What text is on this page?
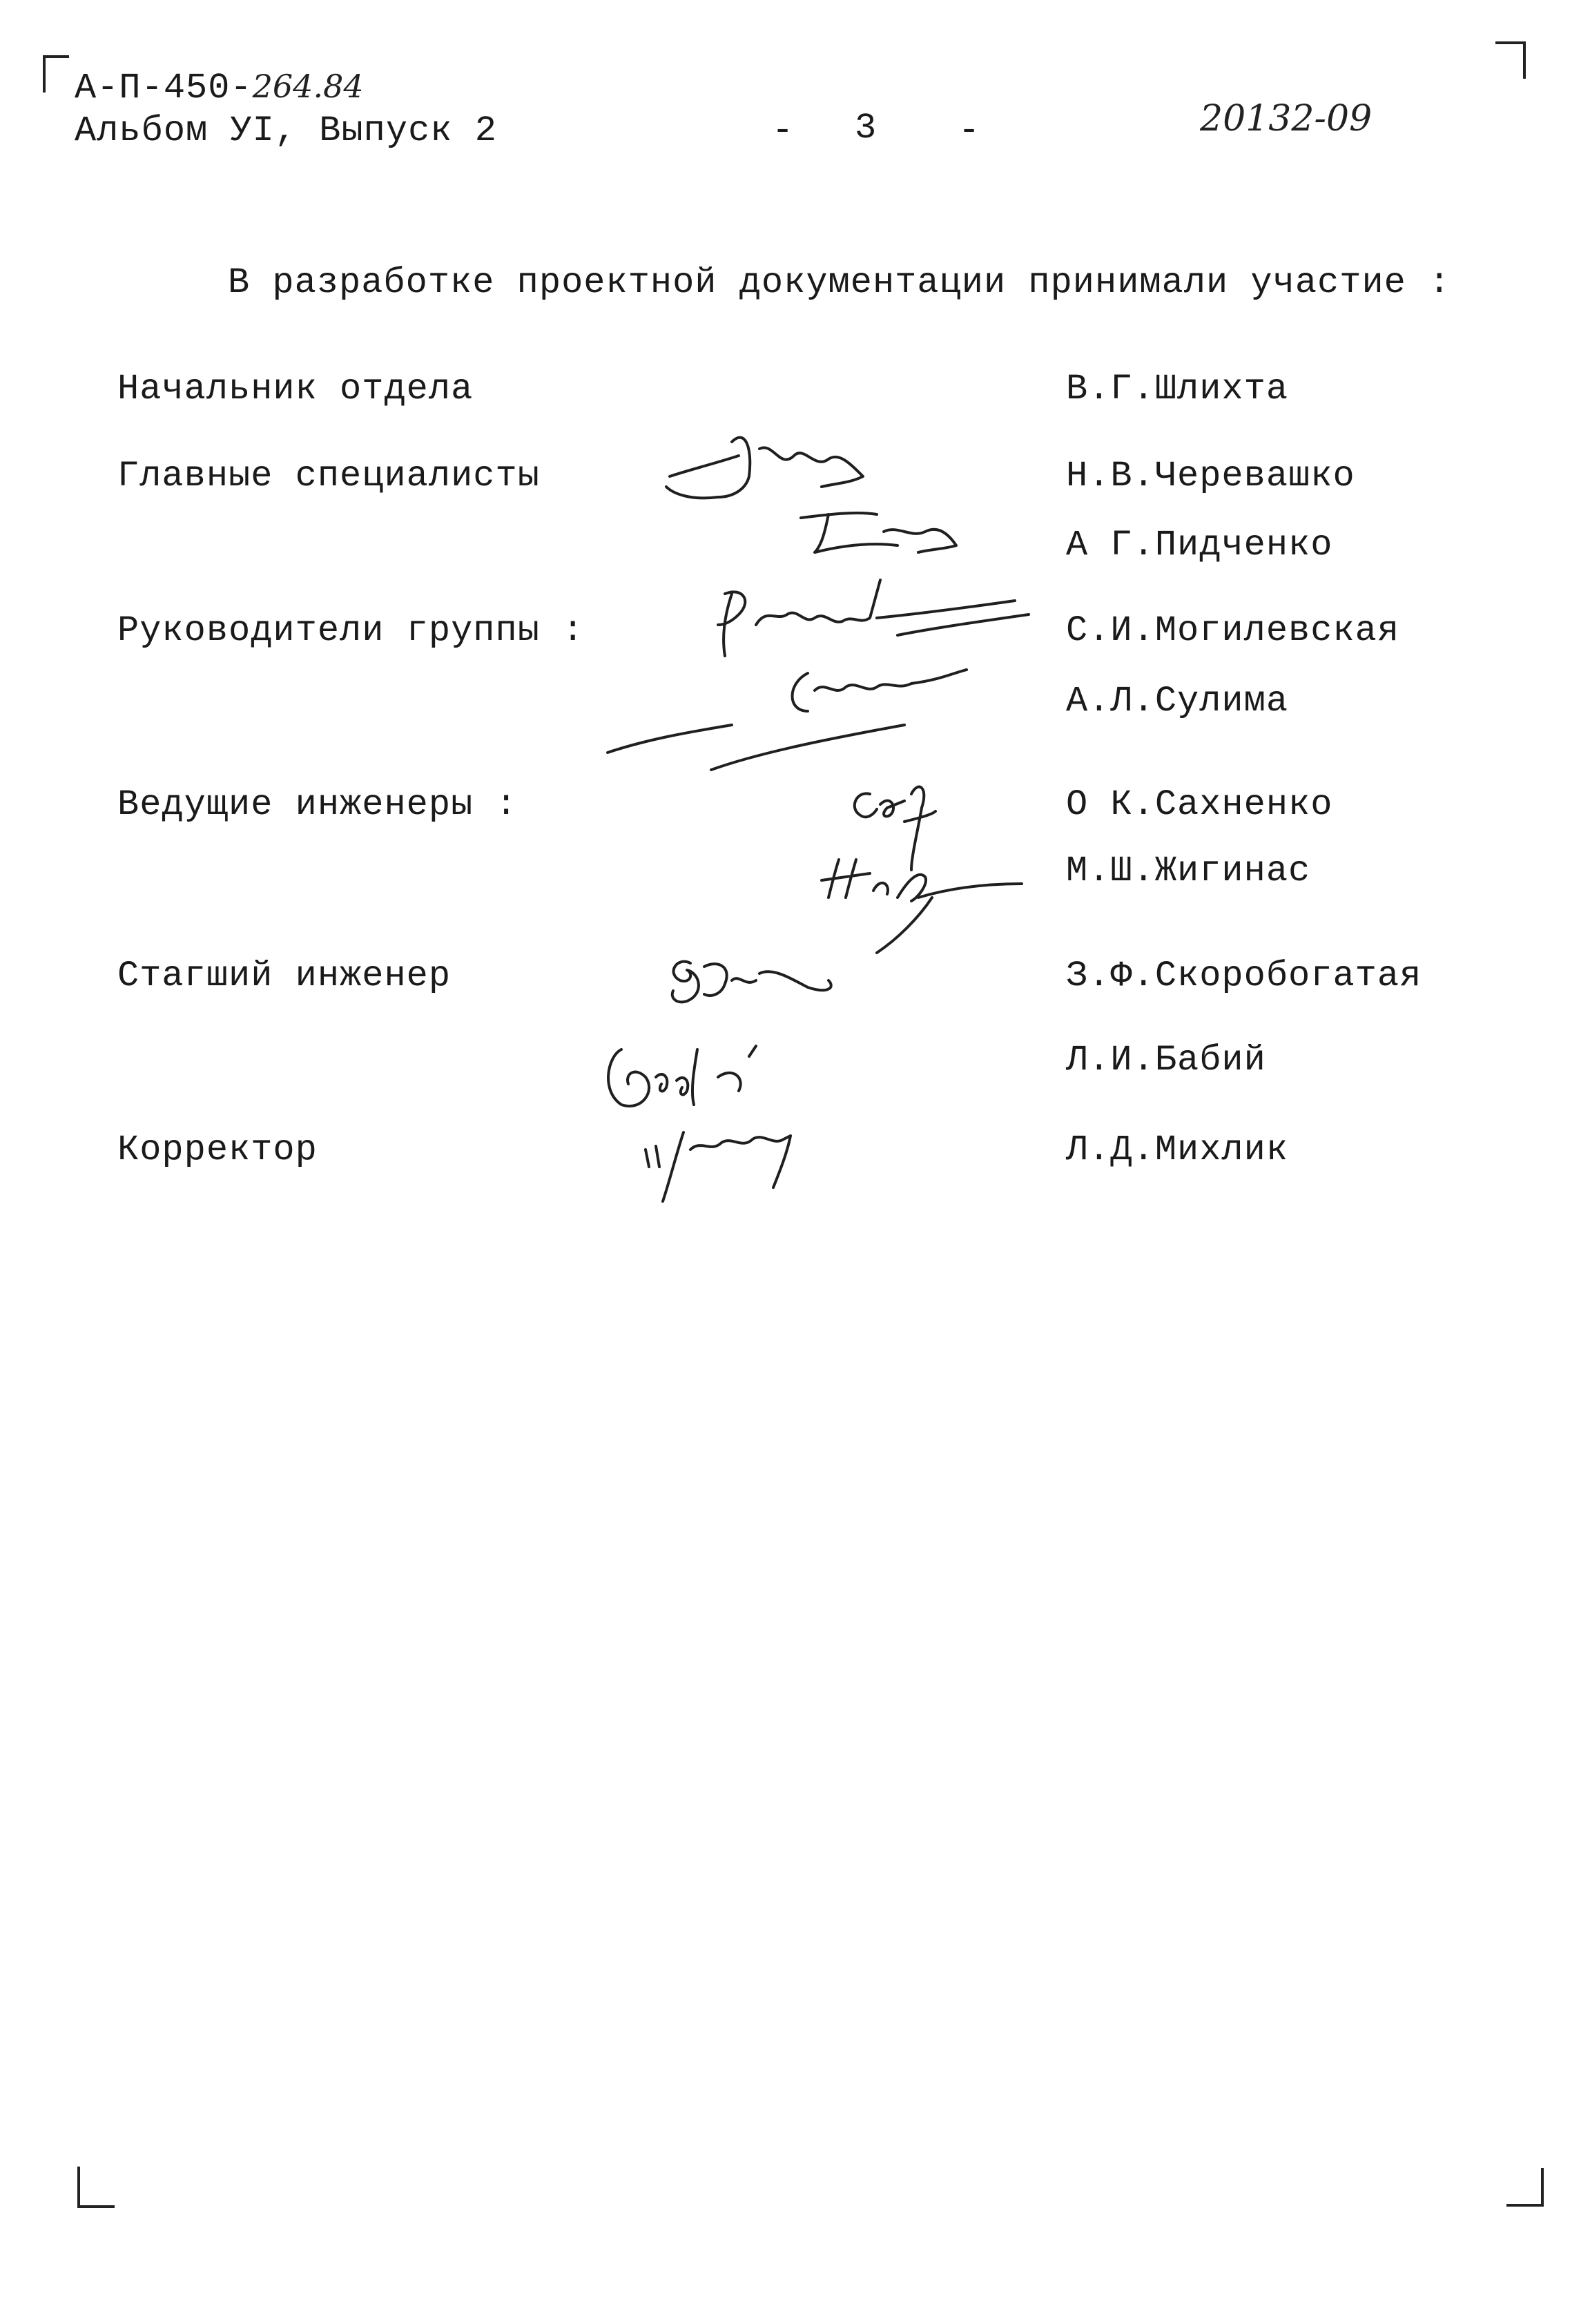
А-П-450-264.84
Альбом УI, Выпуск 2	- 3 -	20132-09
В разработке проектной документации принимали участие :
Начальник отдела
Главные специалисты
Руководители группы :
Ведущие инженеры :
Стагший инженер
Корректор
В.Г.Шлихта
Н.В.Черевашко
А Г.Пидченко
С.И.Могилевская
А.Л.Сулима
О К.Сахненко
М.Ш.Жигинас
З.Ф.Скоробогатая
Л.И.Бабий
Л.Д.Михлик
